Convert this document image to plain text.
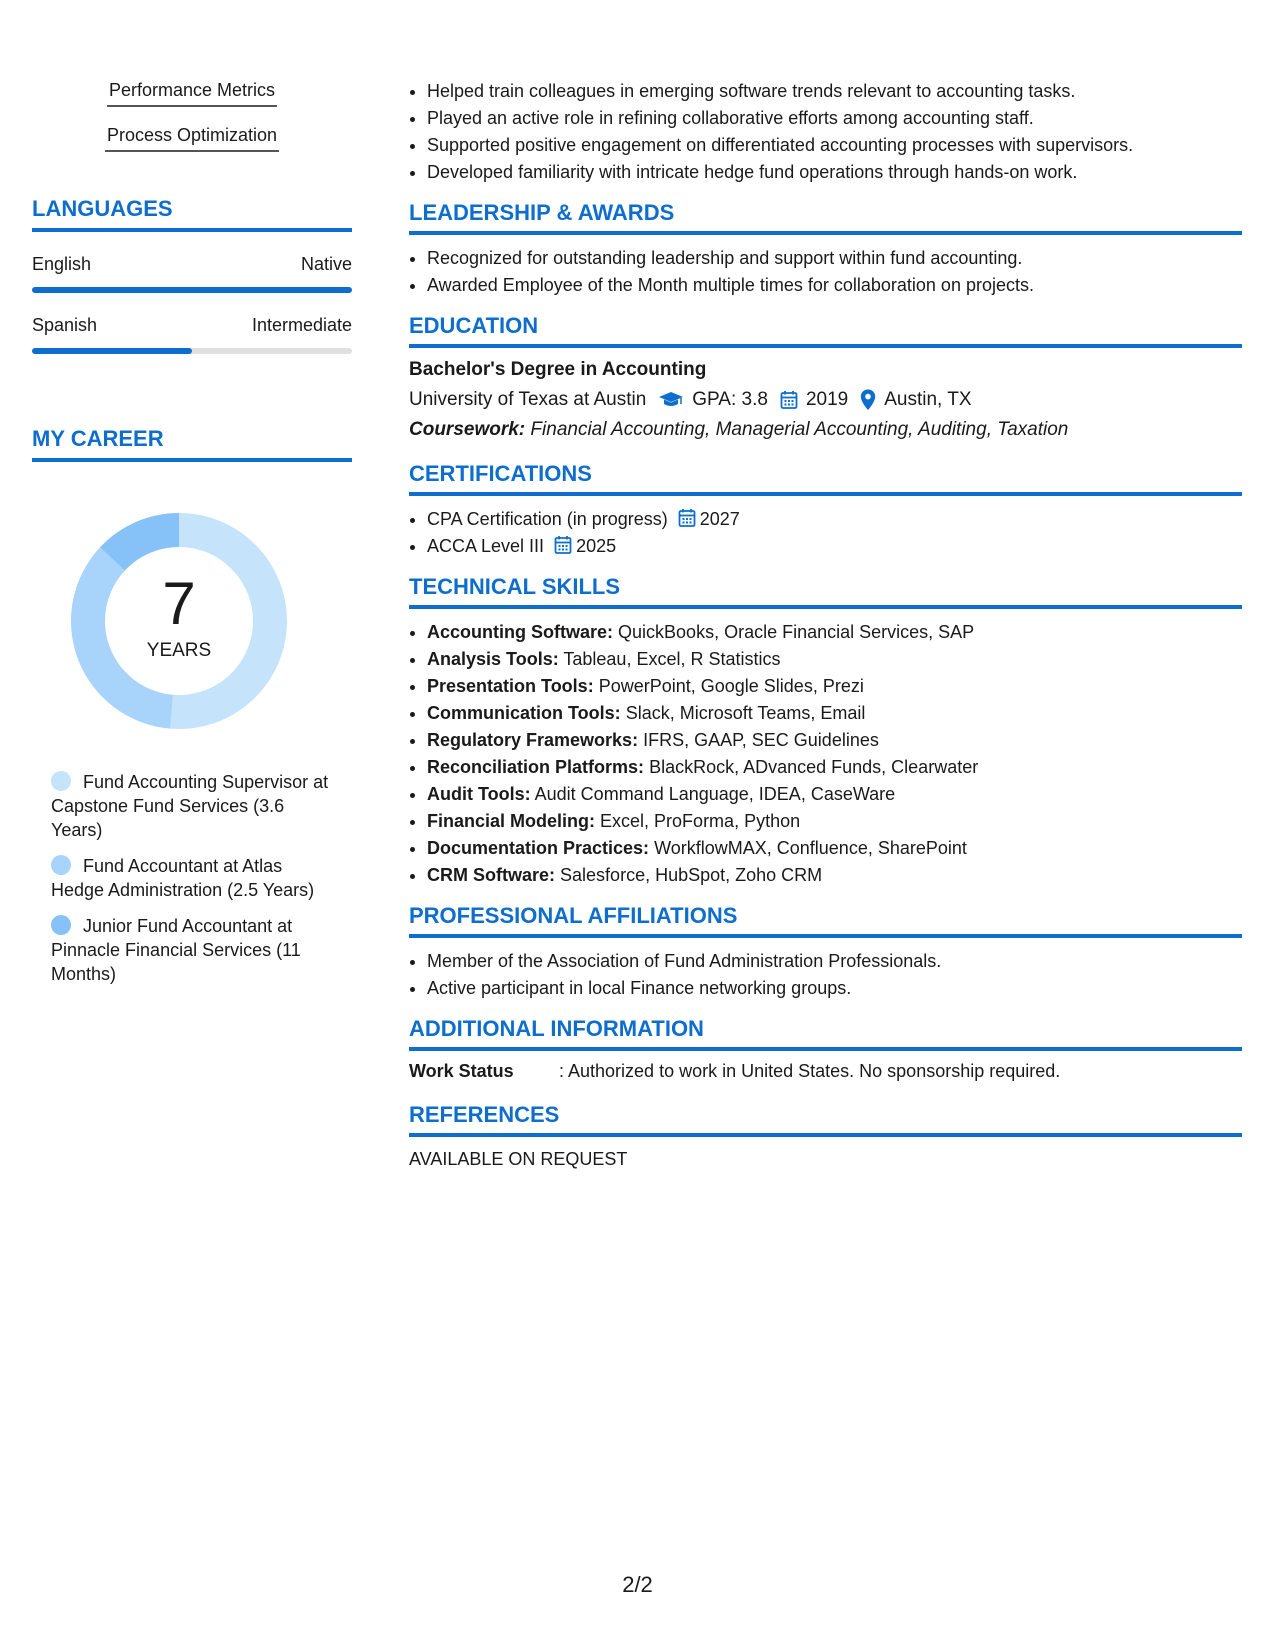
Performance Metrics
Process Optimization
LANGUAGES
English	Native
Spanish	Intermediate
MY CAREER
7
YEARS
Fund Accounting Supervisor at Capstone Fund Services (3.6 Years)
Fund Accountant at Atlas Hedge Administration (2.5 Years)
Junior Fund Accountant at Pinnacle Financial Services (11 Months)
• Helped train colleagues in emerging software trends relevant to accounting tasks.
• Played an active role in refining collaborative efforts among accounting staff.
• Supported positive engagement on differentiated accounting processes with supervisors.
• Developed familiarity with intricate hedge fund operations through hands-on work.
LEADERSHIP & AWARDS
• Recognized for outstanding leadership and support within fund accounting.
• Awarded Employee of the Month multiple times for collaboration on projects.
EDUCATION
Bachelor's Degree in Accounting
University of Texas at Austin GPA: 3.8 2019 Austin, TX
Coursework: Financial Accounting, Managerial Accounting, Auditing, Taxation
CERTIFICATIONS
• CPA Certification (in progress) 2027
• ACCA Level III 2025
TECHNICAL SKILLS
• Accounting Software: QuickBooks, Oracle Financial Services, SAP
• Analysis Tools: Tableau, Excel, R Statistics
• Presentation Tools: PowerPoint, Google Slides, Prezi
• Communication Tools: Slack, Microsoft Teams, Email
• Regulatory Frameworks: IFRS, GAAP, SEC Guidelines
• Reconciliation Platforms: BlackRock, ADvanced Funds, Clearwater
• Audit Tools: Audit Command Language, IDEA, CaseWare
• Financial Modeling: Excel, ProForma, Python
• Documentation Practices: WorkflowMAX, Confluence, SharePoint
• CRM Software: Salesforce, HubSpot, Zoho CRM
PROFESSIONAL AFFILIATIONS
• Member of the Association of Fund Administration Professionals.
• Active participant in local Finance networking groups.
ADDITIONAL INFORMATION
Work Status	: Authorized to work in United States. No sponsorship required.
REFERENCES
AVAILABLE ON REQUEST
2/2
